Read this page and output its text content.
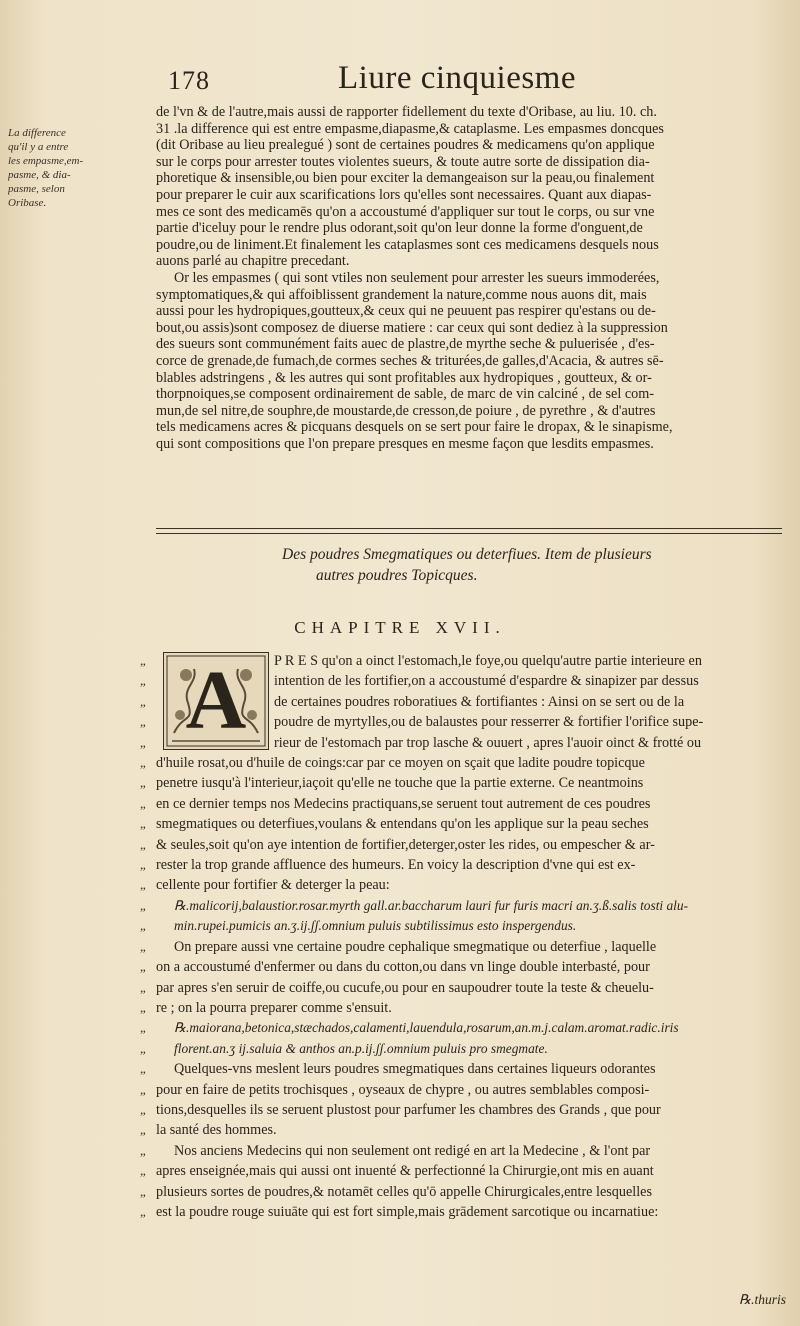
178	Liure cinquiesme
La difference
qu'il y a entre
les empasme,em-
pasme, & dia-
pasme, selon
Oribase.
de l'vn & de l'autre,mais aussi de rapporter fidellement du texte d'Oribase, au liu. 10. ch.
31 .la difference qui est entre empasme,diapasme,& cataplasme. Les empasmes doncques
(dit Oribase au lieu prealegué ) sont de certaines poudres & medicamens qu'on applique
sur le corps pour arrester toutes violentes sueurs, & toute autre sorte de dissipation dia-
phoretique & insensible,ou bien pour exciter la demangeaison sur la peau,ou finalement
pour preparer le cuir aux scarifications lors qu'elles sont necessaires. Quant aux diapas-
mes ce sont des medicamēs qu'on a accoustumé d'appliquer sur tout le corps, ou sur vne
partie d'iceluy pour le rendre plus odorant,soit qu'on leur donne la forme d'onguent,de
poudre,ou de liniment.Et finalement les cataplasmes sont ces medicamens desquels nous
auons parlé au chapitre precedant.
Or les empasmes ( qui sont vtiles non seulement pour arrester les sueurs immoderées,
symptomatiques,& qui affoiblissent grandement la nature,comme nous auons dit, mais
aussi pour les hydropiques,goutteux,& ceux qui ne peuuent pas respirer qu'estans ou de-
bout,ou assis)sont composez de diuerse matiere : car ceux qui sont dediez à la suppression
des sueurs sont communément faits auec de plastre,de myrthe seche & puluerisée , d'es-
corce de grenade,de fumach,de cormes seches & triturées,de galles,d'Acacia, & autres sē-
blables adstringens , & les autres qui sont profitables aux hydropiques , goutteux, & or-
thorpnoiques,se composent ordinairement de sable, de marc de vin calciné , de sel com-
mun,de sel nitre,de souphre,de moustarde,de cresson,de poiure , de pyrethre , & d'autres
tels medicamens acres & picquans desquels on se sert pour faire le dropax, & le sinapisme,
qui sont compositions que l'on prepare presques en mesme façon que lesdits empasmes.
Des poudres Smegmatiques ou deterfiues. Item de plusieurs
autres poudres Topicques.
CHAPITRE XVII.
A
„
„
„
„
„
„
„
„
„
„
„
„
„
„
„
„
„
„
„
„
„
„
„
„
„
„
„
„
P R E S qu'on a oinct l'estomach,le foye,ou quelqu'autre partie interieure en
intention de les fortifier,on a accoustumé d'espardre & sinapizer par dessus
de certaines poudres roboratiues & fortifiantes : Ainsi on se sert ou de la
poudre de myrtylles,ou de balaustes pour resserrer & fortifier l'orifice supe-
rieur de l'estomach par trop lasche & ouuert , apres l'auoir oinct & frotté ou
d'huile rosat,ou d'huile de coings:car par ce moyen on sçait que ladite poudre topicque
penetre iusqu'à l'interieur,iaçoit qu'elle ne touche que la partie externe. Ce neantmoins
en ce dernier temps nos Medecins practiquans,se seruent tout autrement de ces poudres
smegmatiques ou deterfiues,voulans & entendans qu'on les applique sur la peau seches
& seules,soit qu'on aye intention de fortifier,deterger,oster les rides, ou empescher & ar-
rester la trop grande affluence des humeurs. En voicy la description d'vne qui est ex-
cellente pour fortifier & deterger la peau:
℞.malicorij,balaustior.rosar.myrth gall.ar.baccharum lauri fur furis macri an.ʒ.ß.salis tosti alu-
min.rupei.pumicis an.ʒ.ij.ʃʃ.omnium puluis subtilissimus esto inspergendus.
On prepare aussi vne certaine poudre cephalique smegmatique ou deterfiue , laquelle
on a accoustumé d'enfermer ou dans du cotton,ou dans vn linge double interbasté, pour
par apres s'en seruir de coiffe,ou cucufe,ou pour en saupoudrer toute la teste & cheuelu-
re ; on la pourra preparer comme s'ensuit.
℞.maiorana,betonica,stæchados,calamenti,lauendula,rosarum,an.m.j.calam.aromat.radic.iris
florent.an.ʒ ij.saluia & anthos an.p.ij.ʃʃ.omnium puluis pro smegmate.
Quelques-vns meslent leurs poudres smegmatiques dans certaines liqueurs odorantes
pour en faire de petits trochisques , oyseaux de chypre , ou autres semblables composi-
tions,desquelles ils se seruent plustost pour parfumer les chambres des Grands , que pour
la santé des hommes.
Nos anciens Medecins qui non seulement ont redigé en art la Medecine , & l'ont par
apres enseignée,mais qui aussi ont inuenté & perfectionné la Chirurgie,ont mis en auant
plusieurs sortes de poudres,& notamēt celles qu'ō appelle Chirurgicales,entre lesquelles
est la poudre rouge suiuāte qui est fort simple,mais grādement sarcotique ou incarnatiue:
℞.thuris
